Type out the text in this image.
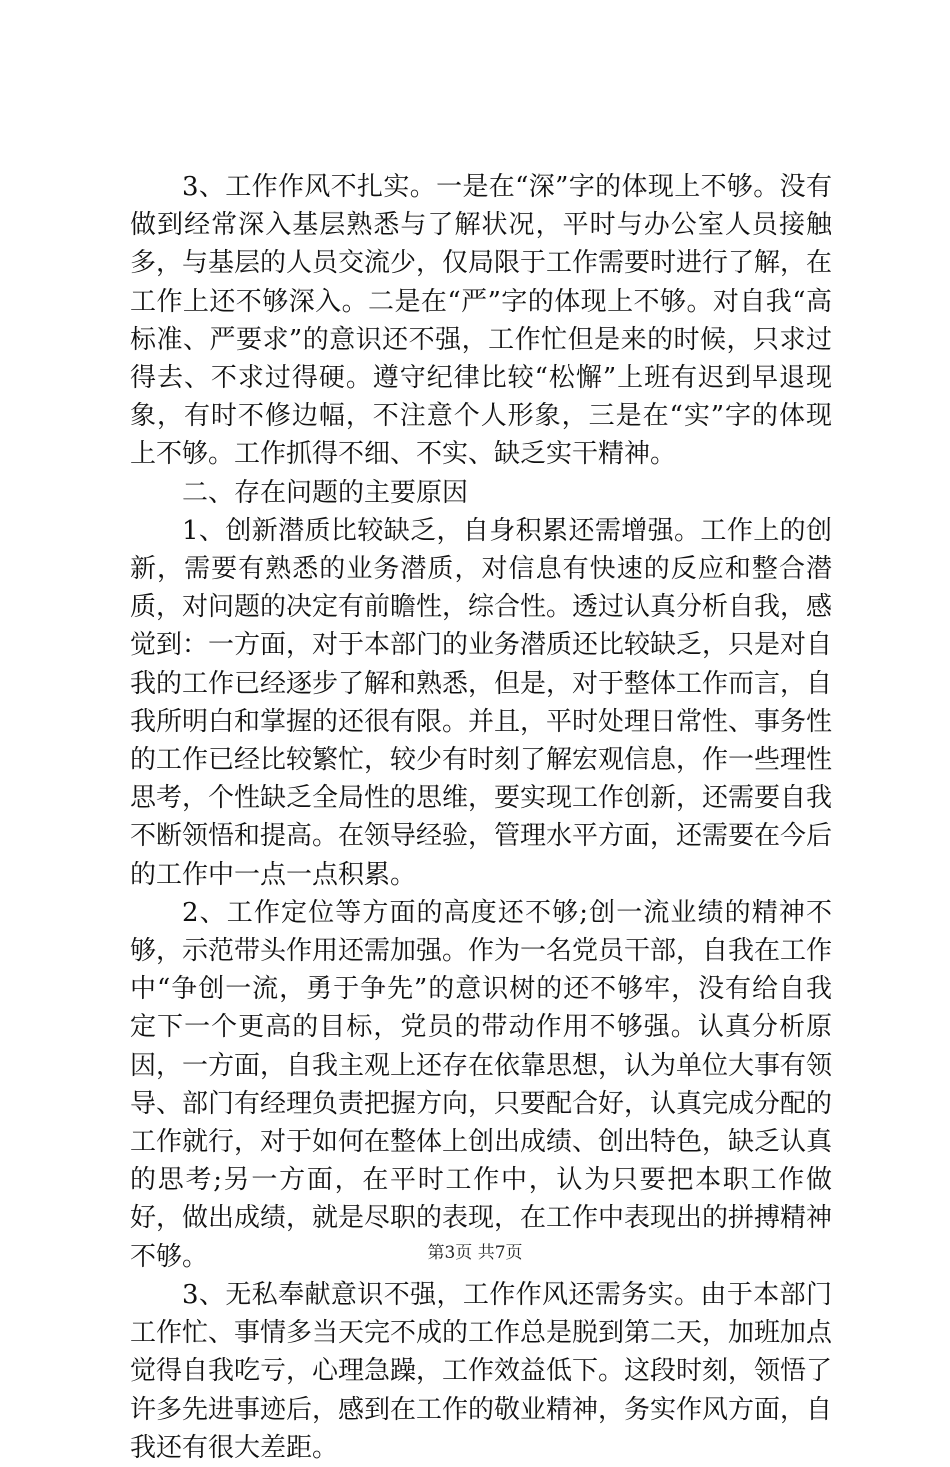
3、工作作风不扎实。一是在“深”字的体现上不够。没有做到经常深入基层熟悉与了解状况，平时与办公室人员接触多，与基层的人员交流少，仅局限于工作需要时进行了解，在工作上还不够深入。二是在“严”字的体现上不够。对自我“高标准、严要求”的意识还不强，工作忙但是来的时候，只求过得去、不求过得硬。遵守纪律比较“松懈”上班有迟到早退现象，有时不修边幅，不注意个人形象，三是在“实”字的体现上不够。工作抓得不细、不实、缺乏实干精神。

二、存在问题的主要原因

1、创新潜质比较缺乏，自身积累还需增强。工作上的创新，需要有熟悉的业务潜质，对信息有快速的反应和整合潜质，对问题的决定有前瞻性，综合性。透过认真分析自我，感觉到：一方面，对于本部门的业务潜质还比较缺乏，只是对自我的工作已经逐步了解和熟悉，但是，对于整体工作而言，自我所明白和掌握的还很有限。并且，平时处理日常性、事务性的工作已经比较繁忙，较少有时刻了解宏观信息，作一些理性思考，个性缺乏全局性的思维，要实现工作创新，还需要自我不断领悟和提高。在领导经验，管理水平方面，还需要在今后的工作中一点一点积累。

2、工作定位等方面的高度还不够;创一流业绩的精神不够，示范带头作用还需加强。作为一名党员干部，自我在工作中“争创一流，勇于争先”的意识树的还不够牢，没有给自我定下一个更高的目标，党员的带动作用不够强。认真分析原因，一方面，自我主观上还存在依靠思想，认为单位大事有领导、部门有经理负责把握方向，只要配合好，认真完成分配的工作就行，对于如何在整体上创出成绩、创出特色，缺乏认真的思考;另一方面，在平时工作中，认为只要把本职工作做好，做出成绩，就是尽职的表现，在工作中表现出的拼搏精神不够。

3、无私奉献意识不强，工作作风还需务实。由于本部门工作忙、事情多当天完不成的工作总是脱到第二天，加班加点觉得自我吃亏，心理急躁，工作效益低下。这段时刻，领悟了许多先进事迹后，感到在工作的敬业精神，务实作风方面，自我还有很大差距。

第3页 共7页
